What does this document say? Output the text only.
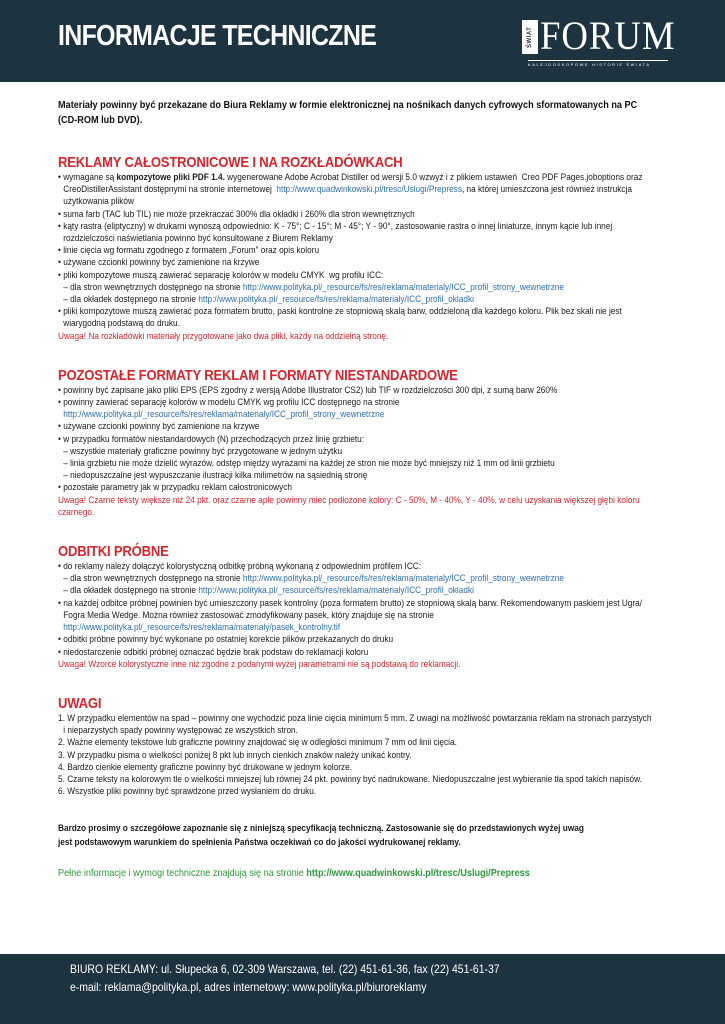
INFORMACJE TECHNICZNE	ŚWIAT FORUM
KALEJDOSKOPOWE HISTORIE ŚWIATA

Materiały powinny być przekazane do Biura Reklamy w formie elektronicznej na nośnikach danych cyfrowych sformatowanych na PC (CD-ROM lub DVD).

REKLAMY CAŁOSTRONICOWE I NA ROZKŁADÓWKACH
• wymagane są kompozytowe pliki PDF 1.4. wygenerowane Adobe Acrobat Distiller od wersji 5.0 wzwyż i z plikiem ustawień  Creo PDF Pages.joboptions oraz
CreoDistillerAssistant dostępnymi na stronie internetowej  http://www.quadwinkowski.pl/tresc/Uslugi/Prepress, na której umieszczona jest również instrukcja
użytkowania plików
• suma farb (TAC lub TIL) nie może przekraczać 300% dla okładki i 260% dla stron wewnętrznych
• kąty rastra (eliptyczny) w drukarni wynoszą odpowiednio: K - 75°; C - 15°; M - 45°; Y - 90°, zastosowanie rastra o innej liniaturze, innym kącie lub innej
rozdzielczości naświetlania powinno być konsultowane z Biurem Reklamy
• linie cięcia wg formatu zgodnego z formatem „Forum” oraz opis koloru
• używane czcionki powinny być zamienione na krzywe
• pliki kompozytowe muszą zawierać separację kolorów w modelu CMYK  wg profilu ICC:
– dla stron wewnętrznych dostępnego na stronie http://www.polityka.pl/_resource/fs/res/reklama/materialy/ICC_profil_strony_wewnetrzne
– dla okładek dostępnego na stronie http://www.polityka.pl/_resource/fs/res/reklama/materialy/ICC_profil_okladki
• pliki kompozytowe muszą zawierać poza formatem brutto, paski kontrolne ze stopniową skalą barw, oddzieloną dla każdego koloru. Plik bez skali nie jest
wiarygodną podstawą do druku.
Uwaga! Na rozkładówki materiały przygotowane jako dwa pliki, każdy na oddzielną stronę.
POZOSTAŁE FORMATY REKLAM I FORMATY NIESTANDARDOWE
• powinny być zapisane jako pliki EPS (EPS zgodny z wersją Adobe Illustrator CS2) lub TIF w rozdzielczości 300 dpi, z sumą barw 260%
• powinny zawierać separację kolorów w modelu CMYK wg profilu ICC dostępnego na stronie
http://www.polityka.pl/_resource/fs/res/reklama/materialy/ICC_profil_strony_wewnetrzne
• używane czcionki powinny być zamienione na krzywe
• w przypadku formatów niestandardowych (N) przechodzących przez linię grzbietu:
– wszystkie materiały graficzne powinny być przygotowane w jednym użytku
– linia grzbietu nie może dzielić wyrazów, odstęp między wyrazami na każdej ze stron nie może być mniejszy niż 1 mm od linii grzbietu
– niedopuszczalne jest wypuszczanie ilustracji kilka milimetrów na sąsiednią stronę
• pozostałe parametry jak w przypadku reklam całostronicowych
Uwaga! Czarne teksty większe niż 24 pkt. oraz czarne aple powinny mieć podłożone kolory: C - 50%, M - 40%, Y - 40%, w celu uzyskania większej głębi koloru czarnego.
ODBITKI PRÓBNE
• do reklamy należy dołączyć kolorystyczną odbitkę próbną wykonaną z odpowiednim profilem ICC:
– dla stron wewnętrznych dostępnego na stronie http://www.polityka.pl/_resource/fs/res/reklama/materialy/ICC_profil_strony_wewnetrzne
– dla okładek dostępnego na stronie http://www.polityka.pl/_resource/fs/res/reklama/materialy/ICC_profil_okladki
• na każdej odbitce próbnej powinien być umieszczony pasek kontrolny (poza formatem brutto) ze stopniową skalą barw. Rekomendowanym paskiem jest Ugra/
Fogra Media Wedge. Można również zastosować zmodyfikowany pasek, który znajduje się na stronie
http://www.polityka.pl/_resource/fs/res/reklama/materialy/pasek_kontrolny.tif
• odbitki próbne powinny być wykonane po ostatniej korekcie plików przekazanych do druku
• niedostarczenie odbitki próbnej oznaczać będzie brak podstaw do reklamacji koloru
Uwaga! Wzorce kolorystyczne inne niż zgodne z podanymi wyżej parametrami nie są podstawą do reklamacji.
UWAGI
1. W przypadku elementów na spad – powinny one wychodzić poza linie cięcia minimum 5 mm. Z uwagi na możliwość powtarzania reklam na stronach parzystych
i nieparzystych spady powinny występować ze wszystkich stron.
2. Ważne elementy tekstowe lub graficzne powinny znajdować się w odległości minimum 7 mm od linii cięcia.
3. W przypadku pisma o wielkości poniżej 8 pkt lub innych cienkich znaków należy unikać kontry.
4. Bardzo cienkie elementy graficzne powinny być drukowane w jednym kolorze.
5. Czarne teksty na kolorowym tle o wielkości mniejszej lub równej 24 pkt. powinny być nadrukowane. Niedopuszczalne jest wybieranie tła spod takich napisów.
6. Wszystkie pliki powinny być sprawdzone przed wysłaniem do druku.
Bardzo prosimy o szczegółowe zapoznanie się z niniejszą specyfikacją techniczną. Zastosowanie się do przedstawionych wyżej uwag
jest podstawowym warunkiem do spełnienia Państwa oczekiwań co do jakości wydrukowanej reklamy.
Pełne informacje i wymogi techniczne znajdują się na stronie http://www.quadwinkowski.pl/tresc/Uslugi/Prepress
BIURO REKLAMY: ul. Słupecka 6, 02-309 Warszawa, tel. (22) 451-61-36, fax (22) 451-61-37
e-mail: reklama@polityka.pl, adres internetowy: www.polityka.pl/biuroreklamy
